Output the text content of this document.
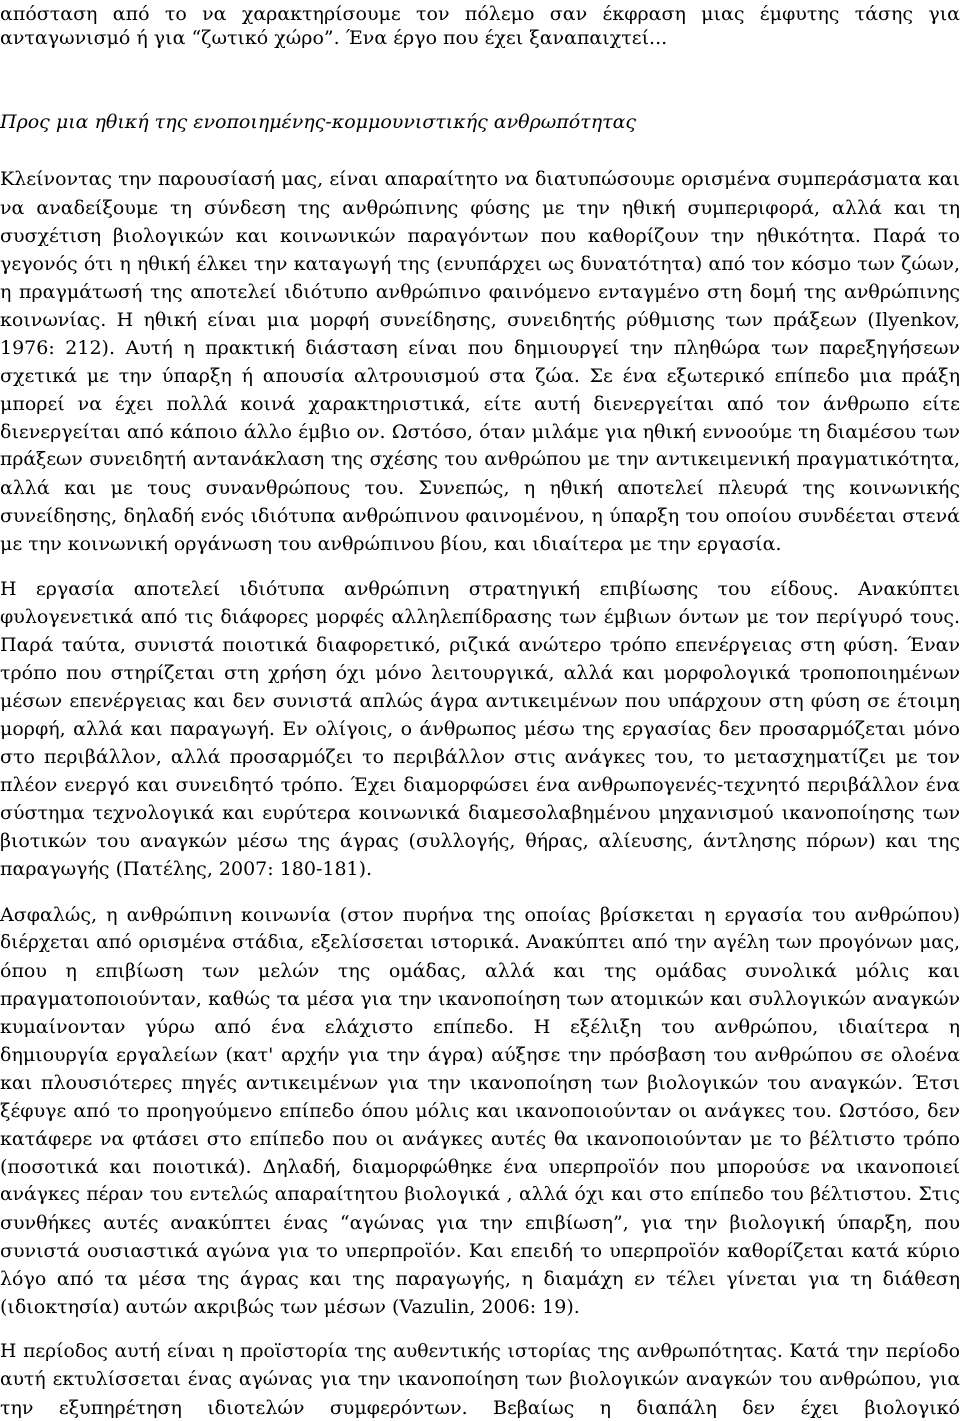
απόσταση από το να χαρακτηρίσουμε τον πόλεμο σαν έκφραση μιας έμφυτης τάσης για

ανταγωνισμό ή για “ζωτικό χώρο”. Ένα έργο που έχει ξαναπαιχτεί...

Προς μια ηθική της ενοποιημένης-κομμουνιστικής ανθρωπότητας

Κλείνοντας την παρουσίασή μας, είναι απαραίτητο να διατυπώσουμε ορισμένα συμπεράσματα και

να αναδείξουμε τη σύνδεση της ανθρώπινης φύσης με την ηθική συμπεριφορά, αλλά και τη

συσχέτιση βιολογικών και κοινωνικών παραγόντων που καθορίζουν την ηθικότητα. Παρά το

γεγονός ότι η ηθική έλκει την καταγωγή της (ενυπάρχει ως δυνατότητα) από τον κόσμο των ζώων,

η πραγμάτωσή της αποτελεί ιδιότυπο ανθρώπινο φαινόμενο ενταγμένο στη δομή της ανθρώπινης

κοινωνίας. Η ηθική είναι μια μορφή συνείδησης, συνειδητής ρύθμισης των πράξεων (Ilyenkov,

1976: 212). Αυτή η πρακτική διάσταση είναι που δημιουργεί την πληθώρα των παρεξηγήσεων

σχετικά με την ύπαρξη ή απουσία αλτρουισμού στα ζώα. Σε ένα εξωτερικό επίπεδο μια πράξη

μπορεί να έχει πολλά κοινά χαρακτηριστικά, είτε αυτή διενεργείται από τον άνθρωπο είτε

διενεργείται από κάποιο άλλο έμβιο ον. Ωστόσο, όταν μιλάμε για ηθική εννοούμε τη διαμέσου των

πράξεων συνειδητή αντανάκλαση της σχέσης του ανθρώπου με την αντικειμενική πραγματικότητα,

αλλά και με τους συνανθρώπους του. Συνεπώς, η ηθική αποτελεί πλευρά της κοινωνικής

συνείδησης, δηλαδή ενός ιδιότυπα ανθρώπινου φαινομένου, η ύπαρξη του οποίου συνδέεται στενά

με την κοινωνική οργάνωση του ανθρώπινου βίου, και ιδιαίτερα με την εργασία.

Η εργασία αποτελεί ιδιότυπα ανθρώπινη στρατηγική επιβίωσης του είδους. Ανακύπτει

φυλογενετικά από τις διάφορες μορφές αλληλεπίδρασης των έμβιων όντων με τον περίγυρό τους.

Παρά ταύτα, συνιστά ποιοτικά διαφορετικό, ριζικά ανώτερο τρόπο επενέργειας στη φύση. Έναν

τρόπο που στηρίζεται στη χρήση όχι μόνο λειτουργικά, αλλά και μορφολογικά τροποποιημένων

μέσων επενέργειας και δεν συνιστά απλώς άγρα αντικειμένων που υπάρχουν στη φύση σε έτοιμη

μορφή, αλλά και παραγωγή. Εν ολίγοις, ο άνθρωπος μέσω της εργασίας δεν προσαρμόζεται μόνο

στο περιβάλλον, αλλά προσαρμόζει το περιβάλλον στις ανάγκες του, το μετασχηματίζει με τον

πλέον ενεργό και συνειδητό τρόπο. Έχει διαμορφώσει ένα ανθρωπογενές-τεχνητό περιβάλλον ένα

σύστημα τεχνολογικά και ευρύτερα κοινωνικά διαμεσολαβημένου μηχανισμού ικανοποίησης των

βιοτικών του αναγκών μέσω της άγρας (συλλογής, θήρας, αλίευσης, άντλησης πόρων) και της

παραγωγής (Πατέλης, 2007: 180-181).

Ασφαλώς, η ανθρώπινη κοινωνία (στον πυρήνα της οποίας βρίσκεται η εργασία του ανθρώπου)

διέρχεται από ορισμένα στάδια, εξελίσσεται ιστορικά. Ανακύπτει από την αγέλη των προγόνων μας,

όπου η επιβίωση των μελών της ομάδας, αλλά και της ομάδας συνολικά μόλις και

πραγματοποιούνταν, καθώς τα μέσα για την ικανοποίηση των ατομικών και συλλογικών αναγκών

κυμαίνονταν γύρω από ένα ελάχιστο επίπεδο. Η εξέλιξη του ανθρώπου, ιδιαίτερα η

δημιουργία εργαλείων (κατ' αρχήν για την άγρα) αύξησε την πρόσβαση του ανθρώπου σε ολοένα

και πλουσιότερες πηγές αντικειμένων για την ικανοποίηση των βιολογικών του αναγκών. Έτσι

ξέφυγε από το προηγούμενο επίπεδο όπου μόλις και ικανοποιούνταν οι ανάγκες του. Ωστόσο, δεν

κατάφερε να φτάσει στο επίπεδο που οι ανάγκες αυτές θα ικανοποιούνταν με το βέλτιστο τρόπο

(ποσοτικά και ποιοτικά). Δηλαδή, διαμορφώθηκε ένα υπερπροϊόν που μπορούσε να ικανοποιεί

ανάγκες πέραν του εντελώς απαραίτητου βιολογικά , αλλά όχι και στο επίπεδο του βέλτιστου. Στις

συνθήκες αυτές ανακύπτει ένας “αγώνας για την επιβίωση”, για την βιολογική ύπαρξη, που

συνιστά ουσιαστικά αγώνα για το υπερπροϊόν. Και επειδή το υπερπροϊόν καθορίζεται κατά κύριο

λόγο από τα μέσα της άγρας και της παραγωγής, η διαμάχη εν τέλει γίνεται για τη διάθεση

(ιδιοκτησία) αυτών ακριβώς των μέσων (Vazulin, 2006: 19).

Η περίοδος αυτή είναι η προϊστορία της αυθεντικής ιστορίας της ανθρωπότητας. Κατά την περίοδο

αυτή εκτυλίσσεται ένας αγώνας για την ικανοποίηση των βιολογικών αναγκών του ανθρώπου, για

την εξυπηρέτηση ιδιοτελών συμφερόντων. Βεβαίως η διαπάλη δεν έχει βιολογικό
